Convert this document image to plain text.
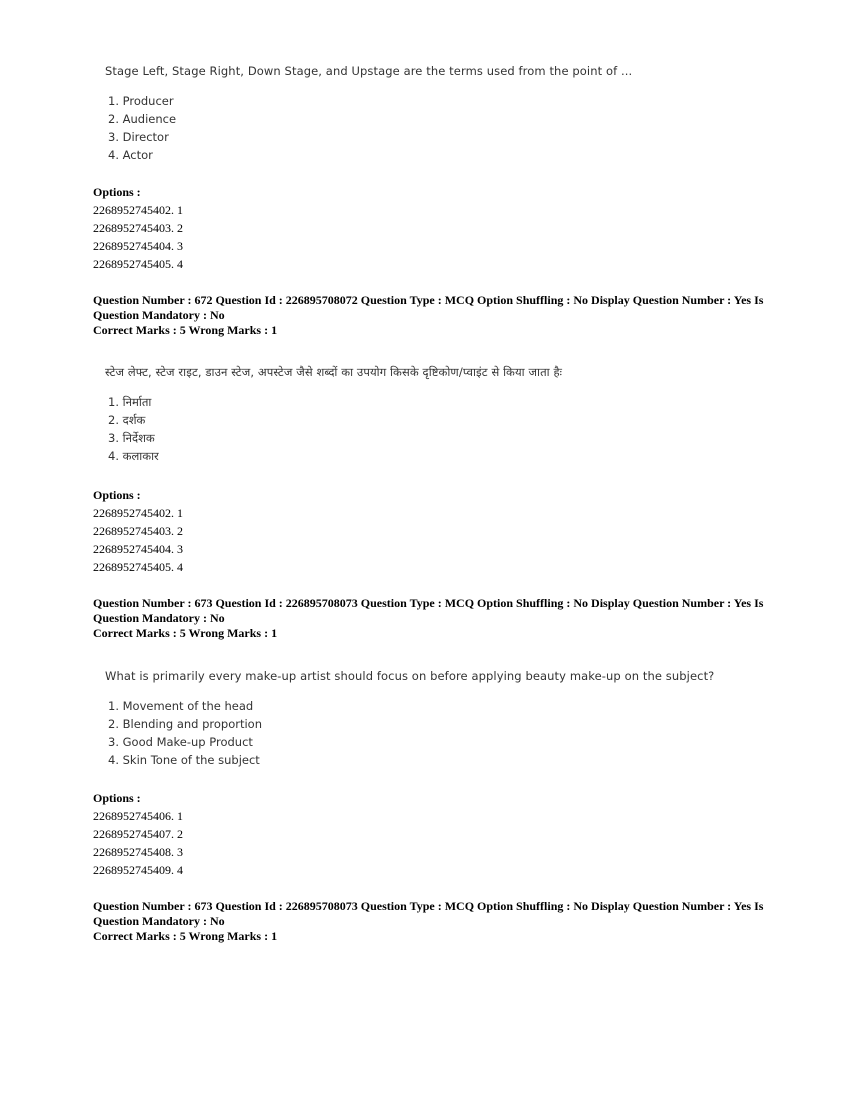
Stage Left, Stage Right, Down Stage, and Upstage are the terms used from the point of ...
1. Producer
2. Audience
3. Director
4. Actor
Options :
2268952745402. 1
2268952745403. 2
2268952745404. 3
2268952745405. 4
Question Number : 672 Question Id : 226895708072 Question Type : MCQ Option Shuffling : No Display Question Number : Yes Is
Question Mandatory : No
Correct Marks : 5 Wrong Marks : 1
स्टेज लेफ्ट, स्टेज राइट, डाउन स्टेज, अपस्टेज जैसे शब्दों का उपयोग किसके दृष्टिकोण/प्वाइंट से किया जाता हैः
1. निर्माता
2. दर्शक
3. निर्देशक
4. कलाकार
Options :
2268952745402. 1
2268952745403. 2
2268952745404. 3
2268952745405. 4
Question Number : 673 Question Id : 226895708073 Question Type : MCQ Option Shuffling : No Display Question Number : Yes Is
Question Mandatory : No
Correct Marks : 5 Wrong Marks : 1
What is primarily every make-up artist should focus on before applying beauty make-up on the subject?
1. Movement of the head
2. Blending and proportion
3. Good Make-up Product
4. Skin Tone of the subject
Options :
2268952745406. 1
2268952745407. 2
2268952745408. 3
2268952745409. 4
Question Number : 673 Question Id : 226895708073 Question Type : MCQ Option Shuffling : No Display Question Number : Yes Is
Question Mandatory : No
Correct Marks : 5 Wrong Marks : 1
